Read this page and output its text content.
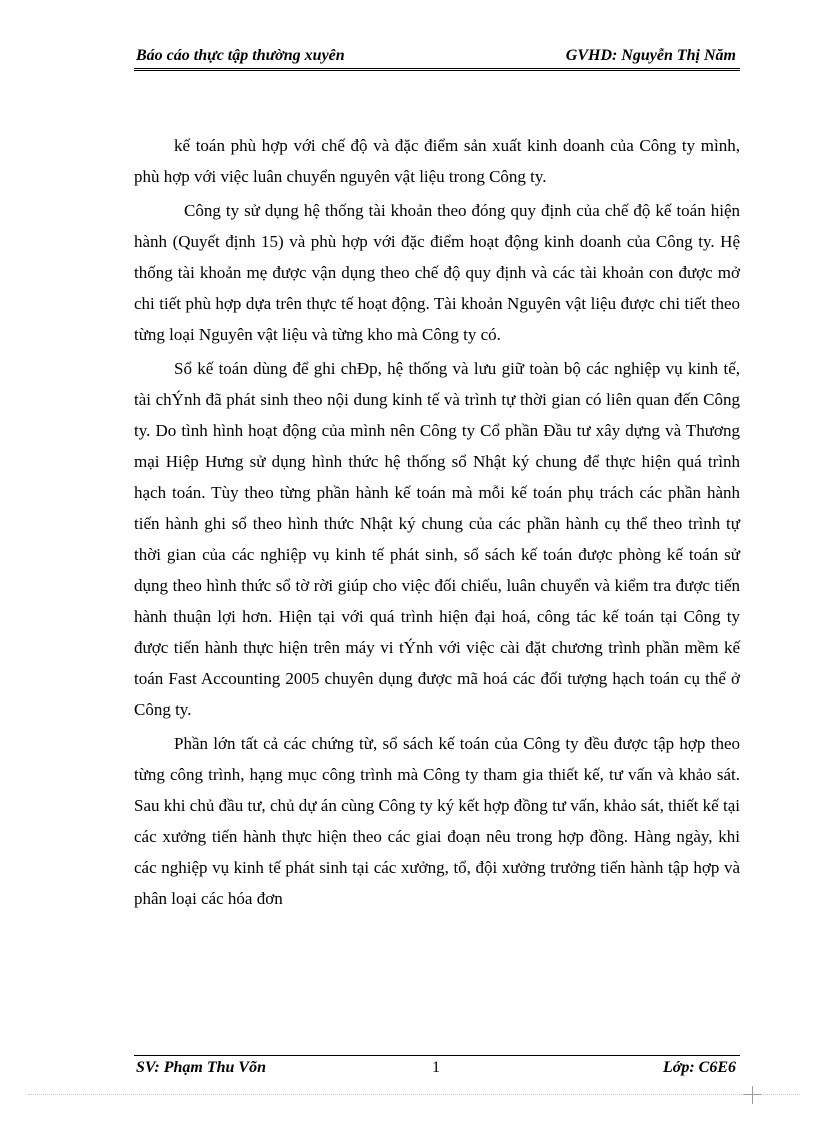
Báo cáo thực tập thường xuyên	GVHD: Nguyễn Thị Năm

kế toán phù hợp với chế độ và đặc điểm sản xuất kinh doanh của Công ty mình, phù hợp với việc luân chuyển nguyên vật liệu trong Công ty.

Công ty sử dụng hệ thống tài khoản theo đóng quy định của chế độ kế toán hiện hành (Quyết định 15) và phù hợp với đặc điểm hoạt động kinh doanh của Công ty. Hệ thống tài khoản mẹ được vận dụng theo chế độ quy định và các tài khoản con được mở chi tiết phù hợp dựa trên thực tế hoạt động. Tài khoản Nguyên vật liệu được chi tiết theo từng loại Nguyên vật liệu và từng kho mà Công ty có.

Sổ kế toán dùng để ghi chÐp, hệ thống và lưu giữ toàn bộ các nghiệp vụ kinh tế, tài chÝnh đã phát sinh theo nội dung kinh tế và trình tự thời gian có liên quan đến Công ty. Do tình hình hoạt động của mình nên Công ty Cổ phần Đầu tư xây dựng và Thương mại Hiệp Hưng sử dụng hình thức hệ thống sổ Nhật ký chung để thực hiện quá trình hạch toán. Tùy theo từng phần hành kế toán mà mỗi kế toán phụ trách các phần hành tiến hành ghi sổ theo hình thức Nhật ký chung của các phần hành cụ thể theo trình tự thời gian của các nghiệp vụ kinh tế phát sinh, sổ sách kế toán được phòng kế toán sử dụng theo hình thức sổ tờ rời giúp cho việc đối chiếu, luân chuyển và kiểm tra được tiến hành thuận lợi hơn. Hiện tại với quá trình hiện đại hoá, công tác kế toán tại Công ty được tiến hành thực hiện trên máy vi tÝnh với việc cài đặt chương trình phần mềm kế toán Fast Accounting 2005 chuyên dụng được mã hoá các đối tượng hạch toán cụ thể ở Công ty.

Phần lớn tất cả các chứng từ, sổ sách kế toán của Công ty đều được tập hợp theo từng công trình, hạng mục công trình mà Công ty tham gia thiết kế, tư vấn và khảo sát. Sau khi chủ đầu tư, chủ dự án cùng Công ty ký kết hợp đồng tư vấn, khảo sát, thiết kế tại các xưởng tiến hành thực hiện theo các giai đoạn nêu trong hợp đồng. Hàng ngày, khi các nghiệp vụ kinh tế phát sinh tại các xưởng, tổ, đội xưởng trưởng tiến hành tập hợp và phân loại các hóa đơn

SV: Phạm Thu Võn	1	Lớp: C6E6
